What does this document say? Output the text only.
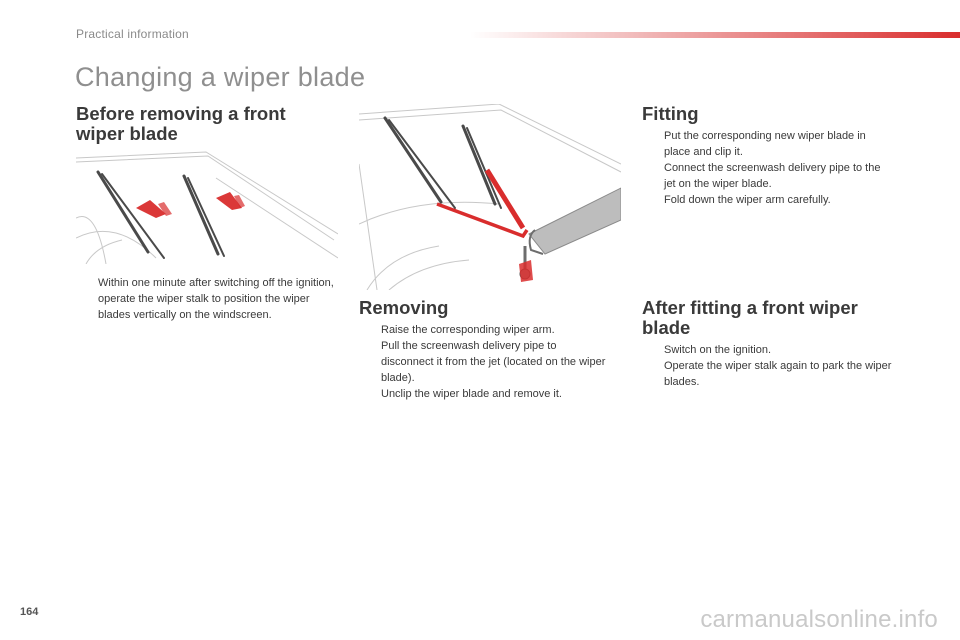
Practical information
Changing a wiper blade
Before removing a front
wiper blade
Within one minute after switching off the ignition, operate the wiper stalk to position the wiper blades vertically on the windscreen.	Removing
Raise the corresponding wiper arm.
Pull the screenwash delivery pipe to disconnect it from the jet (located on the wiper blade).
Unclip the wiper blade and remove it.
Fitting
Put the corresponding new wiper blade in place and clip it.
Connect the screenwash delivery pipe to the jet on the wiper blade.
Fold down the wiper arm carefully.
After fitting a front wiper
blade
Switch on the ignition.
Operate the wiper stalk again to park the wiper blades.
164	carmanualsonline.info
